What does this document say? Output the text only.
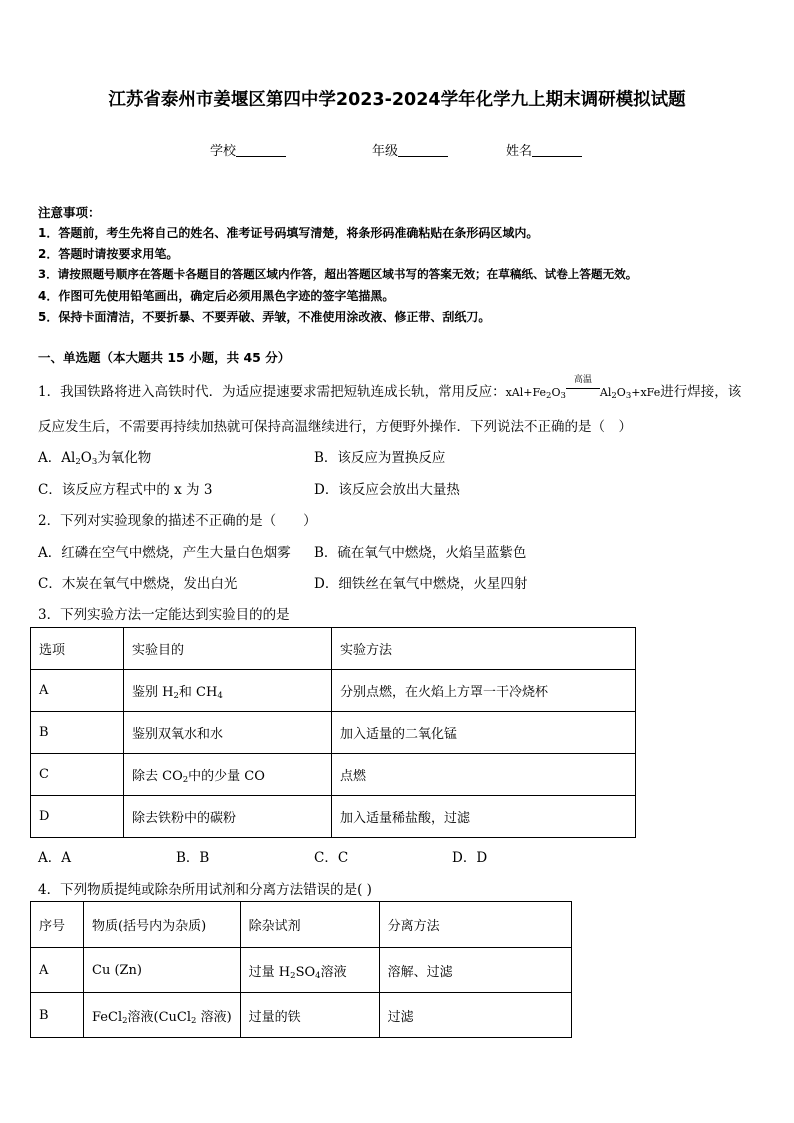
江苏省泰州市姜堰区第四中学2023-2024学年化学九上期末调研模拟试题
学校	年级	姓名
注意事项：
1．答题前，考生先将自己的姓名、准考证号码填写清楚，将条形码准确粘贴在条形码区域内。
2．答题时请按要求用笔。
3．请按照题号顺序在答题卡各题目的答题区域内作答，超出答题区域书写的答案无效；在草稿纸、试卷上答题无效。
4．作图可先使用铅笔画出，确定后必须用黑色字迹的签字笔描黑。
5．保持卡面清洁，不要折暴、不要弄破、弄皱，不准使用涂改液、修正带、刮纸刀。
一、单选题（本大题共 15 小题，共 45 分）
1．我国铁路将进入高铁时代．为适应提速要求需把短轨连成长轨，常用反应：$xAl+Fe_2O_3$
高温
$Al_2O_3+xFe$进行焊接，该
反应发生后，不需要再持续加热就可保持高温继续进行，方便野外操作．下列说法不正确的是（　）
A．$Al_2O_3$为氧化物	B．该反应为置换反应
C．该反应方程式中的 x 为 3	D．该反应会放出大量热
2．下列对实验现象的描述不正确的是（　　）
A．红磷在空气中燃烧，产生大量白色烟雾 B．硫在氧气中燃烧，火焰呈蓝紫色
C．木炭在氧气中燃烧，发出白光	D．细铁丝在氧气中燃烧，火星四射
3．下列实验方法一定能达到实验目的的是
选项	实验目的	实验方法
A	鉴别 $H_2$和 $CH_4$	分别点燃，在火焰上方罩一干冷烧杯
B	鉴别双氧水和水	加入适量的二氧化锰
C	除去 $CO_2$中的少量 CO	点燃
D	除去铁粉中的碳粉	加入适量稀盐酸，过滤
A．A	B．B	C．C	D．D
4．下列物质提纯或除杂所用试剂和分离方法错误的是( )
序号	物质(括号内为杂质)	除杂试剂	分离方法
A	Cu (Zn)	过量 $H_2SO_4$溶液	溶解、过滤
B	FeCl$_2$溶液(CuCl$_2$ 溶液)	过量的铁	过滤
